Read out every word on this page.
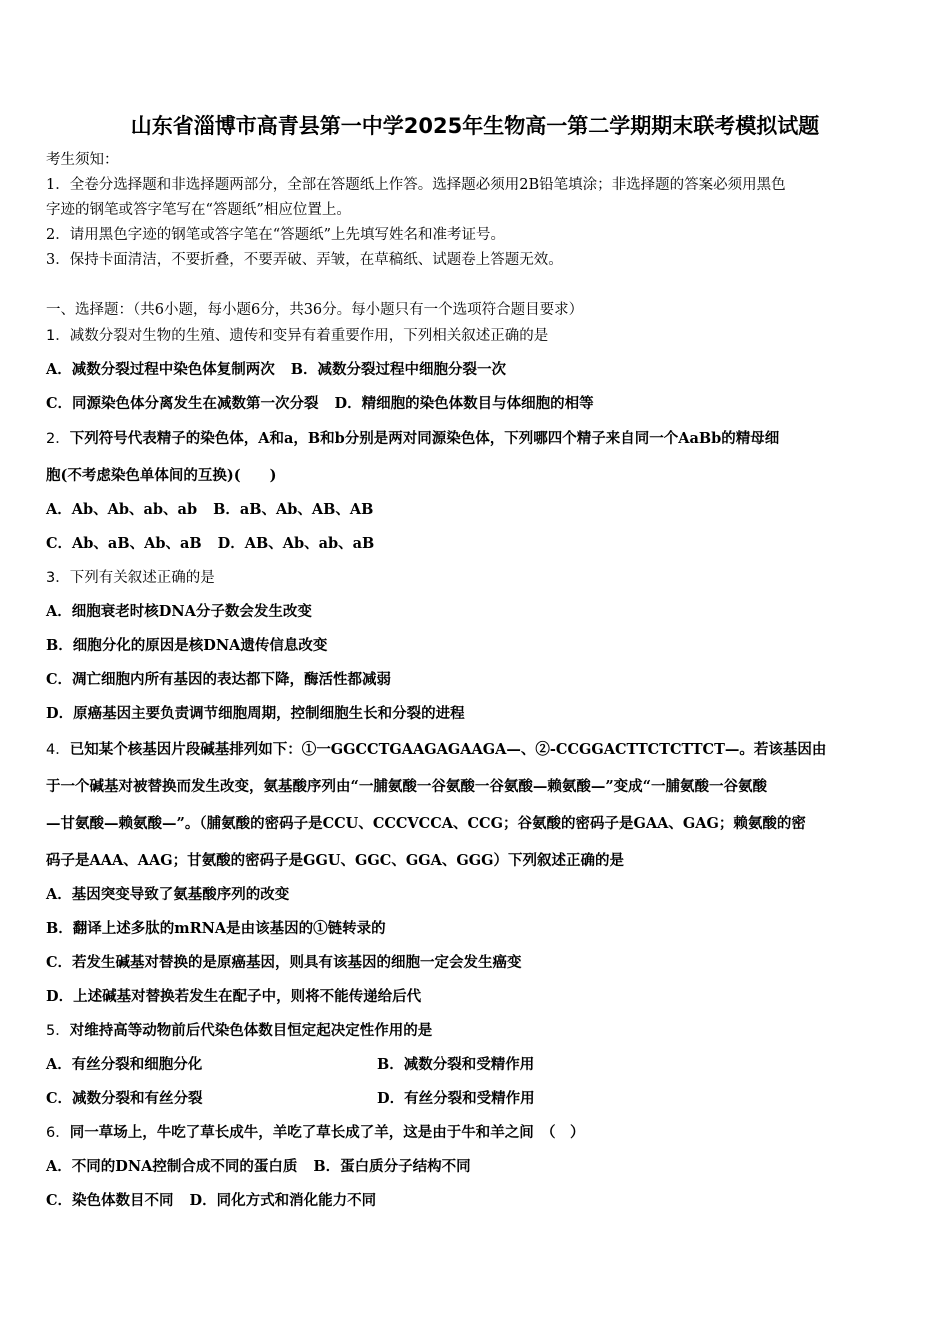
山东省淄博市高青县第一中学2025年生物高一第二学期期末联考模拟试题
考生须知：
1．全卷分选择题和非选择题两部分，全部在答题纸上作答。选择题必须用2B铅笔填涂；非选择题的答案必须用黑色
字迹的钢笔或答字笔写在“答题纸”相应位置上。
2．请用黑色字迹的钢笔或答字笔在“答题纸”上先填写姓名和准考证号。
3．保持卡面清洁，不要折叠，不要弄破、弄皱，在草稿纸、试题卷上答题无效。
一、选择题：（共6小题，每小题6分，共36分。每小题只有一个选项符合题目要求）
1．减数分裂对生物的生殖、遗传和变异有着重要作用，下列相关叙述正确的是
A．减数分裂过程中染色体复制两次 B．减数分裂过程中细胞分裂一次
C．同源染色体分离发生在减数第一次分裂 D．精细胞的染色体数目与体细胞的相等
2．下列符号代表精子的染色体，A和a，B和b分别是两对同源染色体，下列哪四个精子来自同一个AaBb的精母细
胞(不考虑染色单体间的互换)(　　)
A．Ab、Ab、ab、ab B．aB、Ab、AB、AB
C．Ab、aB、Ab、aB D．AB、Ab、ab、aB
3．下列有关叙述正确的是
A．细胞衰老时核DNA分子数会发生改变
B．细胞分化的原因是核DNA遗传信息改变
C．凋亡细胞内所有基因的表达都下降，酶活性都减弱
D．原癌基因主要负责调节细胞周期，控制细胞生长和分裂的进程
4．已知某个核基因片段碱基排列如下：①一GGCCTGAAGAGAAGA—、②-CCGGACTTCTCTTCT—。若该基因由
于一个碱基对被替换而发生改变，氨基酸序列由“一脯氨酸一谷氨酸一谷氨酸—赖氨酸—”变成“一脯氨酸一谷氨酸
—甘氨酸—赖氨酸—”。（脯氨酸的密码子是CCU、CCCVCCA、CCG；谷氨酸的密码子是GAA、GAG；赖氨酸的密
码子是AAA、AAG；甘氨酸的密码子是GGU、GGC、GGA、GGG）下列叙述正确的是
A．基因突变导致了氨基酸序列的改变
B．翻译上述多肽的mRNA是由该基因的①链转录的
C．若发生碱基对替换的是原癌基因，则具有该基因的细胞一定会发生癌变
D．上述碱基对替换若发生在配子中，则将不能传递给后代
5．对维持高等动物前后代染色体数目恒定起决定性作用的是
A．有丝分裂和细胞分化	B．减数分裂和受精作用
C．减数分裂和有丝分裂	D．有丝分裂和受精作用
6．同一草场上，牛吃了草长成牛，羊吃了草长成了羊，这是由于牛和羊之间　（　）
A．不同的DNA控制合成不同的蛋白质 B．蛋白质分子结构不同
C．染色体数目不同 D．同化方式和消化能力不同
